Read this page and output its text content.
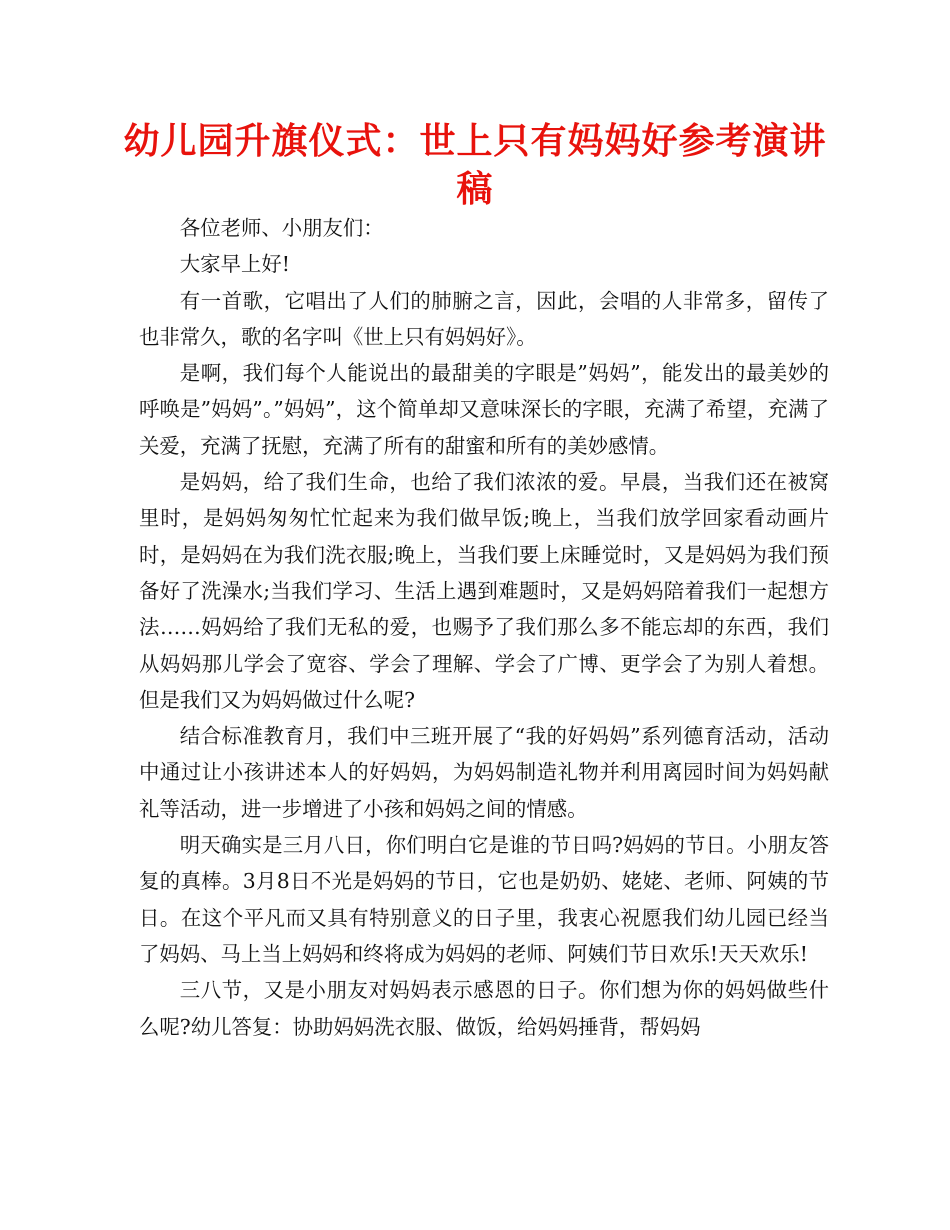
幼儿园升旗仪式：世上只有妈妈好参考演讲稿

各位老师、小朋友们：

大家早上好!

有一首歌，它唱出了人们的肺腑之言，因此，会唱的人非常多，留传了也非常久，歌的名字叫《世上只有妈妈好》。

是啊，我们每个人能说出的最甜美的字眼是”妈妈”，能发出的最美妙的呼唤是”妈妈”。”妈妈”，这个简单却又意味深长的字眼，充满了希望，充满了关爱，充满了抚慰，充满了所有的甜蜜和所有的美妙感情。

是妈妈，给了我们生命，也给了我们浓浓的爱。早晨，当我们还在被窝里时，是妈妈匆匆忙忙起来为我们做早饭;晚上，当我们放学回家看动画片时，是妈妈在为我们洗衣服;晚上，当我们要上床睡觉时，又是妈妈为我们预备好了洗澡水;当我们学习、生活上遇到难题时，又是妈妈陪着我们一起想方法……妈妈给了我们无私的爱，也赐予了我们那么多不能忘却的东西，我们从妈妈那儿学会了宽容、学会了理解、学会了广博、更学会了为别人着想。但是我们又为妈妈做过什么呢?

结合标准教育月，我们中三班开展了“我的好妈妈”系列德育活动，活动中通过让小孩讲述本人的好妈妈，为妈妈制造礼物并利用离园时间为妈妈献礼等活动，进一步增进了小孩和妈妈之间的情感。

明天确实是三月八日，你们明白它是谁的节日吗?妈妈的节日。小朋友答复的真棒。3月8日不光是妈妈的节日，它也是奶奶、姥姥、老师、阿姨的节日。在这个平凡而又具有特别意义的日子里，我衷心祝愿我们幼儿园已经当了妈妈、马上当上妈妈和终将成为妈妈的老师、阿姨们节日欢乐!天天欢乐!

三八节，又是小朋友对妈妈表示感恩的日子。你们想为你的妈妈做些什么呢?幼儿答复：协助妈妈洗衣服、做饭，给妈妈捶背，帮妈妈
